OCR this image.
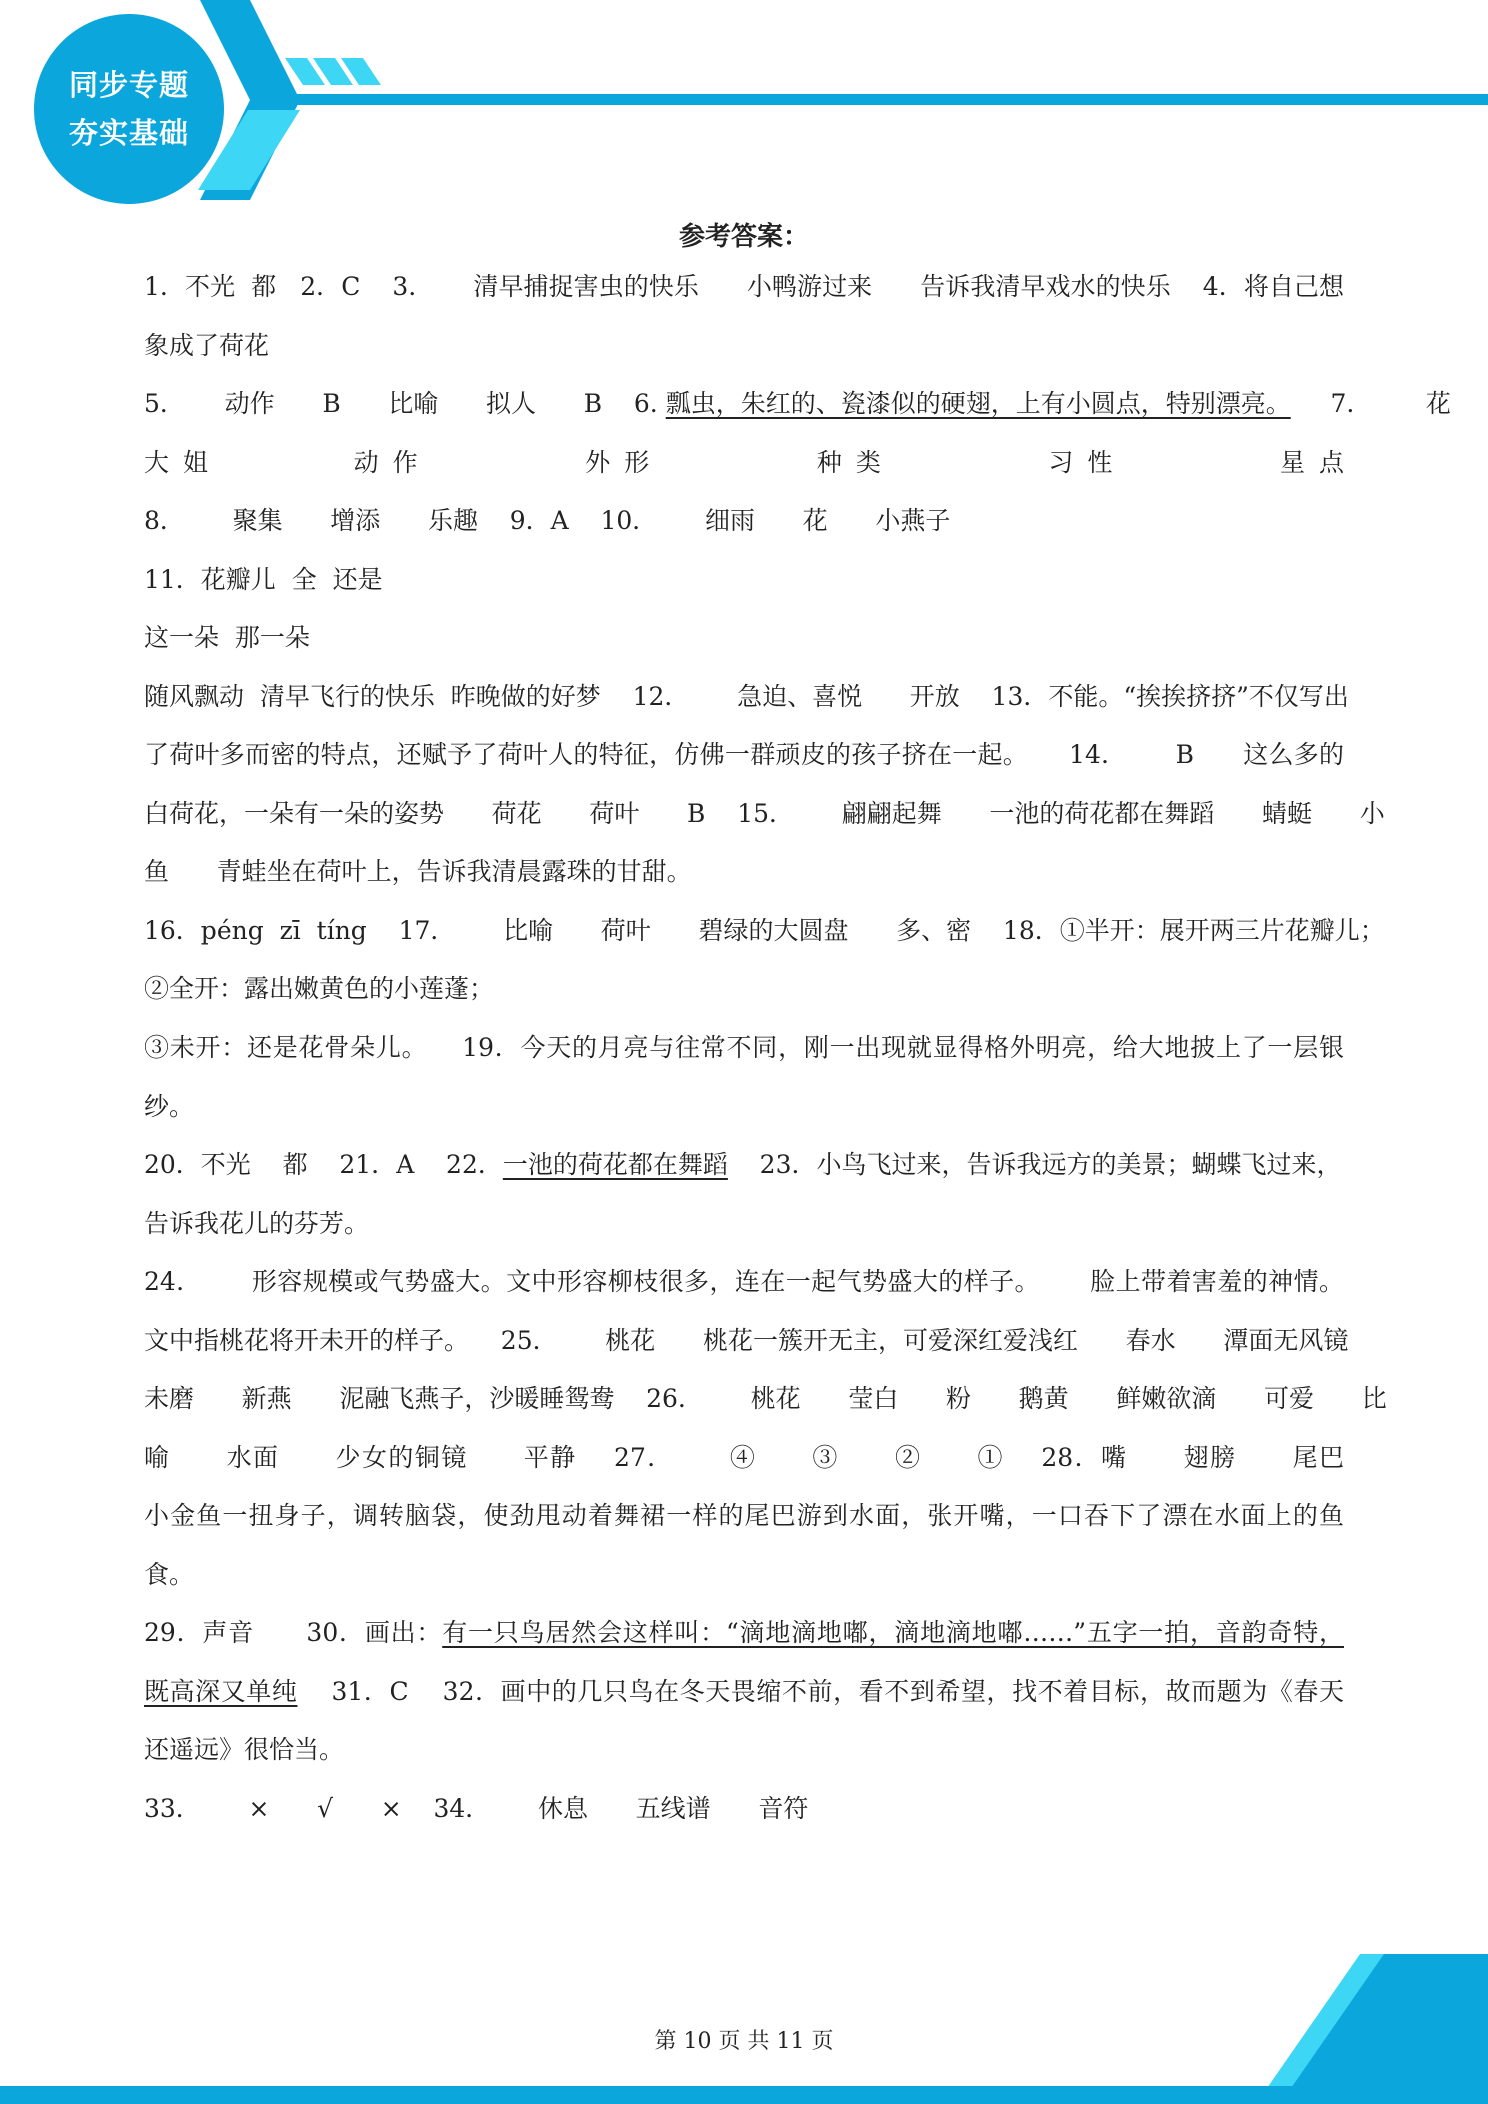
同步专题
夯实基础
参考答案：
1．不光  都   2．C    3．     清早捕捉害虫的快乐      小鸭游过来      告诉我清早戏水的快乐    4．将自己想
象成了荷花
5．     动作      B      比喻      拟人      B    6. 瓢虫，朱红的、瓷漆似的硬翅，上有小圆点，特别漂亮。     7.         花
大姐      动作       外形       种类       习性       星点
8．      聚集      增添      乐趣    9．A    10．      细雨      花      小燕子
11．花瓣儿  全  还是
这一朵  那一朵
随风飘动  清早飞行的快乐  昨晚做的好梦    12．      急迫、喜悦      开放    13．不能。“挨挨挤挤”不仅写出
了荷叶多而密的特点，还赋予了荷叶人的特征，仿佛一群顽皮的孩子挤在一起。     14．      B      这么多的
白荷花，一朵有一朵的姿势      荷花      荷叶      B    15．      翩翩起舞      一池的荷花都在舞蹈      蜻蜓      小
鱼      青蛙坐在荷叶上，告诉我清晨露珠的甘甜。
16．péng  zī  tíng    17．      比喻      荷叶      碧绿的大圆盘      多、密    18．①半开：展开两三片花瓣儿；
②全开：露出嫩黄色的小莲蓬；
③未开：还是花骨朵儿。    19．今天的月亮与往常不同，刚一出现就显得格外明亮，给大地披上了一层银
纱。
20．不光    都    21．A    22．一池的荷花都在舞蹈    23．小鸟飞过来，告诉我远方的美景；蝴蝶飞过来，
告诉我花儿的芬芳。
24．      形容规模或气势盛大。文中形容柳枝很多，连在一起气势盛大的样子。      脸上带着害羞的神情。
文中指桃花将开未开的样子。    25．      桃花      桃花一簇开无主，可爱深红爱浅红      春水      潭面无风镜
未磨      新燕      泥融飞燕子，沙暖睡鸳鸯    26．      桃花      莹白      粉      鹅黄      鲜嫩欲滴      可爱      比
喻      水面      少女的铜镜      平静    27．      ④      ③      ②      ①    28．嘴      翅膀      尾巴
小金鱼一扭身子，调转脑袋，使劲甩动着舞裙一样的尾巴游到水面，张开嘴，一口吞下了漂在水面上的鱼
食。
29．声音      30．画出：有一只鸟居然会这样叫：“滴地滴地嘟，滴地滴地嘟……”五字一拍，音韵奇特，
既高深又单纯    31．C    32．画中的几只鸟在冬天畏缩不前，看不到希望，找不着目标，故而题为《春天
还遥远》很恰当。
33．      ×      √      ×    34．      休息      五线谱      音符
第 10 页 共 11 页
